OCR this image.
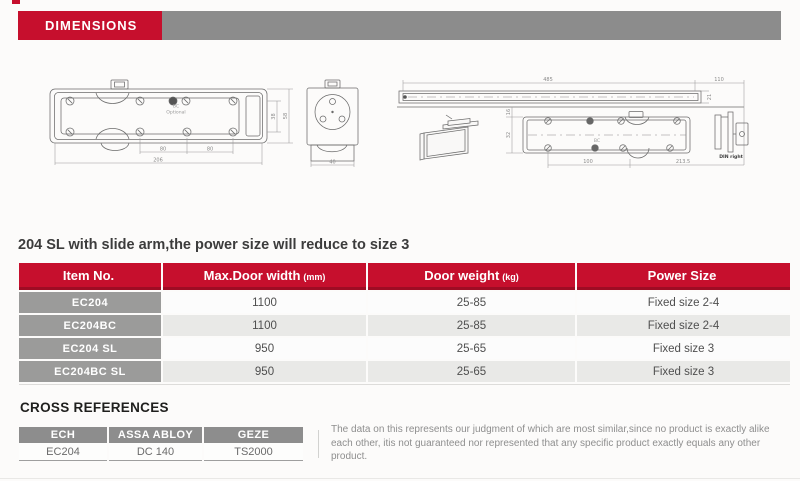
DIMENSIONS
BC
Optional
80	80
206
38 58
40
485	110
21
BC
100	213.5
16
32
DIN right
204 SL with slide arm,the power size will reduce to size 3
Item No.	Max.Door width (mm)	Door weight (kg)	Power Size
EC204	1100	25-85	Fixed size 2-4
EC204BC	1100	25-85	Fixed size 2-4
EC204 SL	950	25-65	Fixed size 3
EC204BC SL	950	25-65	Fixed size 3
CROSS REFERENCES
ECH	ASSA ABLOY	GEZE
EC204	DC 140	TS2000
The data on this represents our judgment of which are most similar,since no product is exactly alike each other, itis not guaranteed nor represented that any specific product exactly equals any other product.
